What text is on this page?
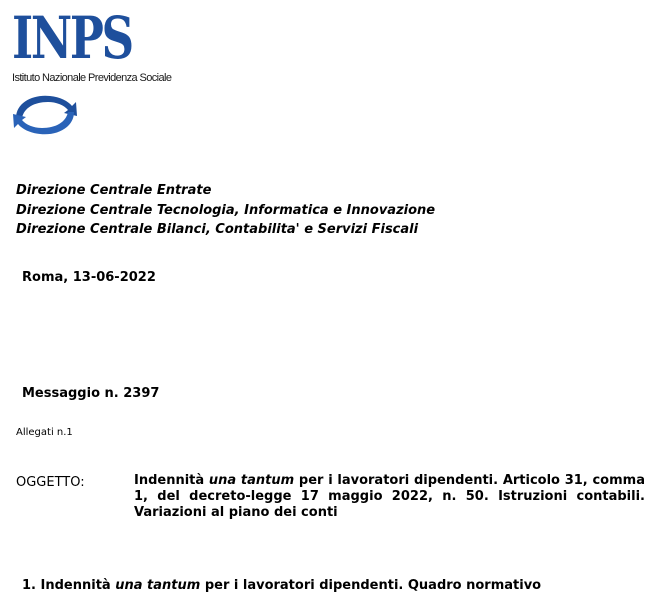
INPS
Istituto Nazionale Previdenza Sociale
Direzione Centrale Entrate
Direzione Centrale Tecnologia, Informatica e Innovazione
Direzione Centrale Bilanci, Contabilita' e Servizi Fiscali
Roma, 13-06-2022
Messaggio n. 2397
Allegati n.1
OGGETTO:	Indennità una tantum per i lavoratori dipendenti. Articolo 31, comma 1, del decreto-legge 17 maggio 2022, n. 50. Istruzioni contabili. Variazioni al piano dei conti
1. Indennità una tantum per i lavoratori dipendenti. Quadro normativo
